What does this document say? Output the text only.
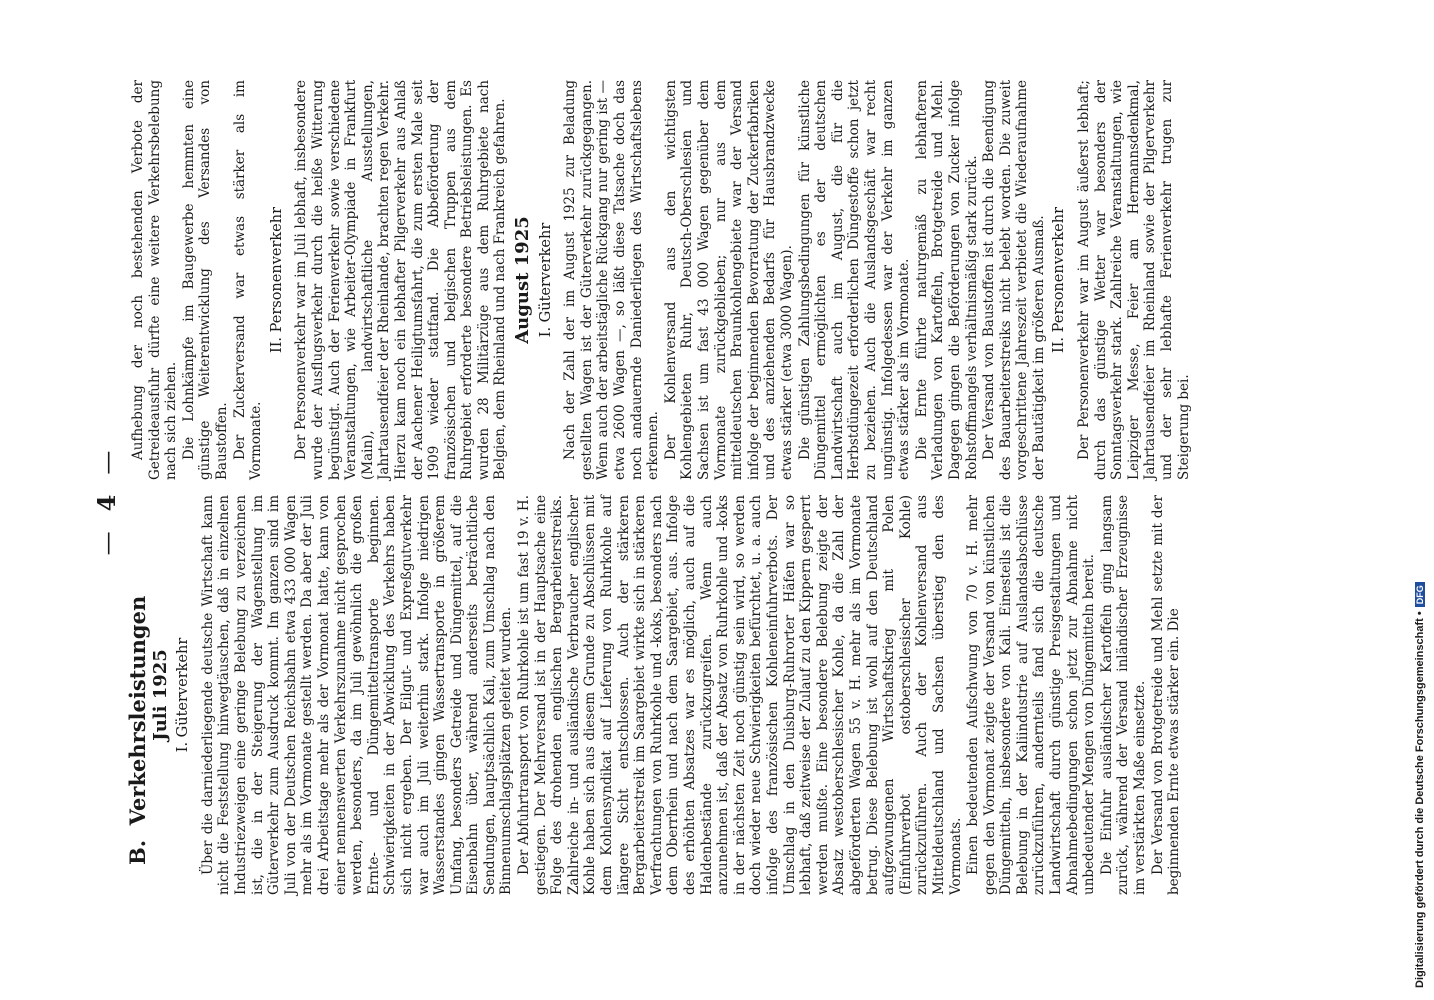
—4—

B.  Verkehrsleistungen Juli 1925 I. Güterverkehr Über die darniederliegende deutsche Wirtschaft kann nicht die Feststellung hinwegtäuschen, daß in einzelnen Industriezweigen eine geringe Belebung zu verzeichnen ist, die in der Steigerung der Wagenstellung im Güterverkehr zum Ausdruck kommt. Im ganzen sind im Juli von der Deutschen Reichsbahn etwa 433 000 Wagen mehr als im Vormonate gestellt werden. Da aber der Juli drei Arbeitstage mehr als der Vormonat hatte, kann von einer nennenswerten Verkehrszunahme nicht gesprochen werden, besonders, da im Juli gewöhnlich die großen Ernte- und Düngemitteltransporte beginnen. Schwierigkeiten in der Abwicklung des Verkehrs haben sich nicht ergeben. Der Eilgut- und Expreßgutverkehr war auch im Juli weiterhin stark. Infolge niedrigen Wasserstandes gingen Wassertransporte in größerem Umfang, besonders Getreide und Düngemittel, auf die Eisenbahn über, während anderseits beträchtliche Sendungen, hauptsächlich Kali, zum Umschlag nach den Binnenumschlagsplätzen geleitet wurden. Der Abfuhrtransport von Ruhrkohle ist um fast 19 v. H. gestiegen. Der Mehrversand ist in der Hauptsache eine Folge des drohenden englischen Bergarbeiterstreiks. Zahlreiche in- und ausländische Verbraucher englischer Kohle haben sich aus diesem Grunde zu Abschlüssen mit dem Kohlensyndikat auf Lieferung von Ruhrkohle auf längere Sicht entschlossen. Auch der stärkeren Bergarbeiterstreik im Saargebiet wirkte sich in stärkeren Verfrachtungen von Ruhrkohle und -koks, besonders nach dem Oberrhein und nach dem Saargebiet, aus. Infolge des erhöhten Absatzes war es möglich, auch auf die Haldenbestände zurückzugreifen. Wenn auch anzunehmen ist, daß der Absatz von Ruhrkohle und -koks in der nächsten Zeit noch günstig sein wird, so werden doch wieder neue Schwierigkeiten befürchtet, u. a. auch infolge des französischen Kohleneinfuhrverbots. Der Umschlag in den Duisburg-Ruhrorter Häfen war so lebhaft, daß zeitweise der Zulauf zu den Kippern gesperrt werden mußte. Eine besondere Belebung zeigte der Absatz westoberschlesischer Kohle, da die Zahl der abgeförderten Wagen 55 v. H. mehr als im Vormonate betrug. Diese Belebung ist wohl auf den Deutschland aufgezwungenen Wirtschaftskrieg mit Polen (Einfuhrverbot ostoberschlesischer Kohle) zurückzuführen. Auch der Kohlenversand aus Mitteldeutschland und Sachsen überstieg den des Vormonats. Einen bedeutenden Aufschwung von 70 v. H. mehr gegen den Vormonat zeigte der Versand von künstlichen Düngemitteln, insbesondere von Kali. Einesteils ist die Belebung in der Kaliindustrie auf Auslandsabschlüsse zurückzuführen, andernteils fand sich die deutsche Landwirtschaft durch günstige Preisgestaltungen und Abnahmebedingungen schon jetzt zur Abnahme nicht unbedeutender Mengen von Düngemitteln bereit. Die Einfuhr ausländischer Kartoffeln ging langsam zurück, während der Versand inländischer Erzeugnisse im verstärkten Maße einsetzte. Der Versand von Brotgetreide und Mehl setzte mit der beginnenden Ernte etwas stärker ein. Die

Aufhebung der noch bestehenden Verbote der Getreideausfuhr dürfte eine weitere Verkehrsbelebung nach sich ziehen. Die Lohnkämpfe im Baugewerbe hemmten eine günstige Weiterentwicklung des Versandes von Baustoffen. Der Zuckerversand war etwas stärker als im Vormonate.

II. Personenverkehr Der Personenverkehr war im Juli lebhaft, insbesondere wurde der Ausflugsverkehr durch die heiße Witterung begünstigt. Auch der Ferienverkehr sowie verschiedene Veranstaltungen, wie Arbeiter-Olympiade in Frankfurt (Main), landwirtschaftliche Ausstellungen, Jahrtausendfeier der Rheinlande, brachten regen Verkehr. Hierzu kam noch ein lebhafter Pilgerverkehr aus Anlaß der Aachener Heiligtumsfahrt, die zum ersten Male seit 1909 wieder stattfand. Die Abbeförderung der französischen und belgischen Truppen aus dem Ruhrgebiet erforderte besondere Betriebsleistungen. Es wurden 28 Militärzüge aus dem Ruhrgebiete nach Belgien, dem Rheinland und nach Frankreich gefahren. August 1925 I. Güterverkehr Nach der Zahl der im August 1925 zur Beladung gestellten Wagen ist der Güterverkehr zurückgegangen. Wenn auch der arbeitstägliche Rückgang nur gering ist — etwa 2600 Wagen —, so läßt diese Tatsache doch das noch andauernde Daniederliegen des Wirtschaftslebens erkennen. Der Kohlenversand aus den wichtigsten Kohlengebieten Ruhr, Deutsch-Oberschlesien und Sachsen ist um fast 43 000 Wagen gegenüber dem Vormonate zurückgeblieben; nur aus dem mitteldeutschen Braunkohlengebiete war der Versand infolge der beginnenden Bevorratung der Zuckerfabriken und des anziehenden Bedarfs für Hausbrandzwecke etwas stärker (etwa 3000 Wagen). Die günstigen Zahlungsbedingungen für künstliche Düngemittel ermöglichten es der deutschen Landwirtschaft auch im August, die für die Herbstdüngezeit erforderlichen Düngestoffe schon jetzt zu beziehen. Auch die Auslandsgeschäft war recht ungünstig. Infolgedessen war der Verkehr im ganzen etwas stärker als im Vormonate. Die Ernte führte naturgemäß zu lebhafteren Verladungen von Kartoffeln, Brotgetreide und Mehl. Dagegen gingen die Beförderungen von Zucker infolge Rohstoffmangels verhältnismäßig stark zurück. Der Versand von Baustoffen ist durch die Beendigung des Bauarbeiterstreiks nicht belebt worden. Die zuweit vorgeschrittene Jahreszeit verbietet die Wiederaufnahme der Bautätigkeit im größeren Ausmaß. II. Personenverkehr Der Personenverkehr war im August äußerst lebhaft; durch das günstige Wetter war besonders der Sonntagsverkehr stark. Zahlreiche Veranstaltungen, wie Leipziger Messe, Feier am Hermannsdenkmal, Jahrtausendfeier im Rheinland sowie der Pilgerverkehr und der sehr lebhafte Ferienverkehr trugen zur Steigerung bei.

Digitalisierung gefördert durch die Deutsche Forschungsgemeinschaft •DFG
